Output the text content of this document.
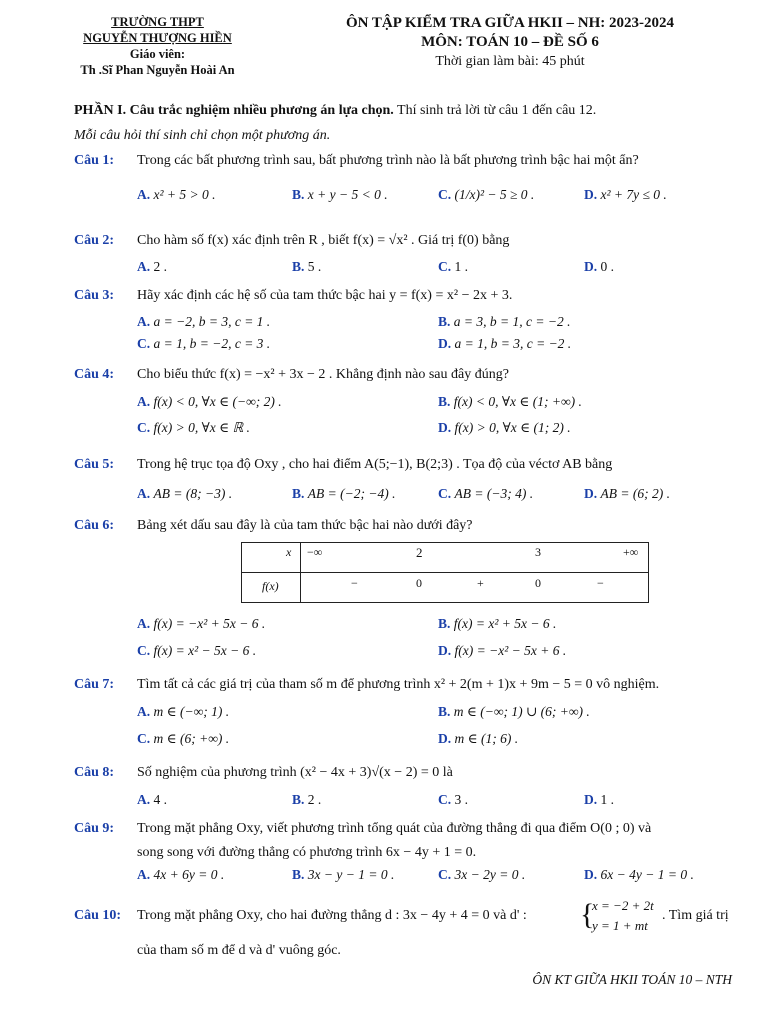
TRƯỜNG THPT
NGUYỄN THƯỢNG HIỀN
Giáo viên:
Th .Sĩ Phan Nguyễn Hoài An
ÔN TẬP KIỂM TRA GIỮA HKII – NH: 2023-2024
MÔN: TOÁN 10 – ĐỀ SỐ 6
Thời gian làm bài: 45 phút
PHẦN I. Câu trắc nghiệm nhiều phương án lựa chọn. Thí sinh trả lời từ câu 1 đến câu 12.
Mỗi câu hỏi thí sinh chỉ chọn một phương án.
Câu 1: Trong các bất phương trình sau, bất phương trình nào là bất phương trình bậc hai một ẩn?
A. x² + 5 > 0 .	B. x + y − 5 < 0 .	C. (1/x)² − 5 ≥ 0 .	D. x² + 7y ≤ 0 .
Câu 2: Cho hàm số f(x) xác định trên R , biết f(x) = √x² . Giá trị f(0) bằng
A. 2 .	B. 5 .	C. 1 .	D. 0 .
Câu 3: Hãy xác định các hệ số của tam thức bậc hai y = f(x) = x² − 2x + 3.
A. a = −2, b = 3, c = 1 .	B. a = 3, b = 1, c = −2 .
C. a = 1, b = −2, c = 3 .	D. a = 1, b = 3, c = −2 .
Câu 4: Cho biểu thức f(x) = −x² + 3x − 2 . Khẳng định nào sau đây đúng?
A. f(x) < 0, ∀x ∈ (−∞; 2) .	B. f(x) < 0, ∀x ∈ (1; +∞) .
C. f(x) > 0, ∀x ∈ ℝ .	D. f(x) > 0, ∀x ∈ (1; 2) .
Câu 5: Trong hệ trục tọa độ Oxy , cho hai điểm A(5;−1), B(2;3) . Tọa độ của véctơ AB bằng
A. AB = (8; −3) .	B. AB = (−2; −4) .	C. AB = (−3; 4) .	D. AB = (6; 2) .
Câu 6: Bảng xét dấu sau đây là của tam thức bậc hai nào dưới đây?
x	−∞ 2 3 +∞

f(x)	− 0 + 0 −
A. f(x) = −x² + 5x − 6 .	B. f(x) = x² + 5x − 6 .
C. f(x) = x² − 5x − 6 .	D. f(x) = −x² − 5x + 6 .
Câu 7: Tìm tất cả các giá trị của tham số m để phương trình x² + 2(m + 1)x + 9m − 5 = 0 vô nghiệm.
A. m ∈ (−∞; 1) .	B. m ∈ (−∞; 1) ∪ (6; +∞) .
C. m ∈ (6; +∞) .	D. m ∈ (1; 6) .
Câu 8: Số nghiệm của phương trình (x² − 4x + 3)√(x − 2) = 0 là
A. 4 .	B. 2 .	C. 3 .	D. 1 .
Câu 9: Trong mặt phẳng Oxy, viết phương trình tổng quát của đường thẳng đi qua điểm O(0 ; 0) và
song song với đường thẳng có phương trình 6x − 4y + 1 = 0.
A. 4x + 6y = 0 .	B. 3x − y − 1 = 0 .	C. 3x − 2y = 0 .	D. 6x − 4y − 1 = 0 .
Câu 10: Trong mặt phẳng Oxy, cho hai đường thẳng d : 3x − 4y + 4 = 0 và d' :	{
x = −2 + 2t
y = 1 + mt
. Tìm giá trị
của tham số m để d và d' vuông góc.
ÔN KT GIỮA HKII TOÁN 10 – NTH
